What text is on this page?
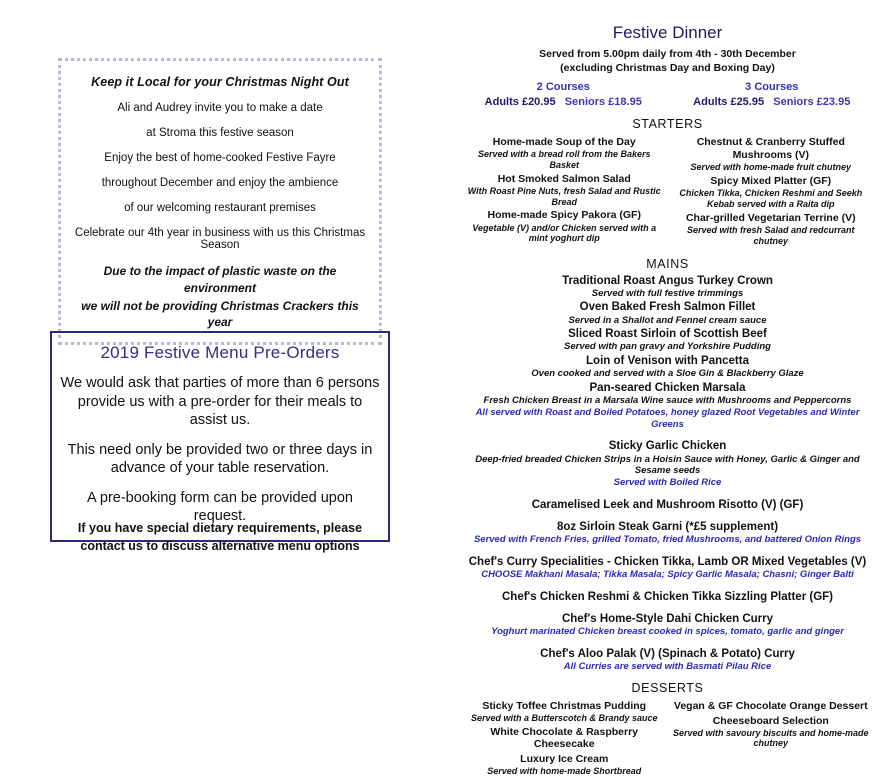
Keep it Local for your Christmas Night Out
Ali and Audrey invite you to make a date
at Stroma this festive season
Enjoy the best of home-cooked Festive Fayre
throughout December and enjoy the ambience
of our welcoming restaurant premises
Celebrate our 4th year in business with us this Christmas Season
Due to the impact of plastic waste on the environment
we will not be providing Christmas Crackers this year
2019 Festive Menu Pre-Orders

We would ask that parties of more than 6 persons provide us with a pre-order for their meals to assist us.

This need only be provided two or three days in advance of your table reservation.

A pre-booking form can be provided upon request.

If you have special dietary requirements, please
contact us to discuss alternative menu options
Festive Dinner
Served from 5.00pm daily from 4th - 30th December
(excluding Christmas Day and Boxing Day)
2 Courses
Adults £20.95 Seniors £18.95
3 Courses
Adults £25.95 Seniors £23.95
STARTERS
Home-made Soup of the Day
Served with a bread roll from the Bakers Basket
Hot Smoked Salmon Salad
With Roast Pine Nuts, fresh Salad and Rustic Bread
Home-made Spicy Pakora (GF)
Vegetable (V) and/or Chicken served with a mint yoghurt dip
Chestnut & Cranberry Stuffed Mushrooms (V)
Served with home-made fruit chutney
Spicy Mixed Platter (GF)
Chicken Tikka, Chicken Reshmi and Seekh Kebab served with a Raita dip
Char-grilled Vegetarian Terrine (V)
Served with fresh Salad and redcurrant chutney
MAINS
Traditional Roast Angus Turkey Crown
Served with full festive trimmings
Oven Baked Fresh Salmon Fillet
Served in a Shallot and Fennel cream sauce
Sliced Roast Sirloin of Scottish Beef
Served with pan gravy and Yorkshire Pudding
Loin of Venison with Pancetta
Oven cooked and served with a Sloe Gin & Blackberry Glaze
Pan-seared Chicken Marsala
Fresh Chicken Breast in a Marsala Wine sauce with Mushrooms and Peppercorns
All served with Roast and Boiled Potatoes, honey glazed Root Vegetables and Winter Greens
Sticky Garlic Chicken
Deep-fried breaded Chicken Strips in a Hoisin Sauce with Honey, Garlic & Ginger and Sesame seeds
Served with Boiled Rice
Caramelised Leek and Mushroom Risotto (V) (GF)
8oz Sirloin Steak Garni (*£5 supplement)
Served with French Fries, grilled Tomato, fried Mushrooms, and battered Onion Rings
Chef's Curry Specialities - Chicken Tikka, Lamb OR Mixed Vegetables (V)
CHOOSE Makhani Masala; Tikka Masala; Spicy Garlic Masala; Chasni; Ginger Balti
Chef's Chicken Reshmi & Chicken Tikka Sizzling Platter (GF)
Chef's Home-Style Dahi Chicken Curry
Yoghurt marinated Chicken breast cooked in spices, tomato, garlic and ginger
Chef's Aloo Palak (V) (Spinach & Potato) Curry
All Curries are served with Basmati Pilau Rice
DESSERTS
Sticky Toffee Christmas Pudding
Served with a Butterscotch & Brandy sauce
White Chocolate & Raspberry Cheesecake
Luxury Ice Cream
Served with home-made Shortbread
Vegan & GF Chocolate Orange Dessert
Cheeseboard Selection
Served with savoury biscuits and home-made chutney
